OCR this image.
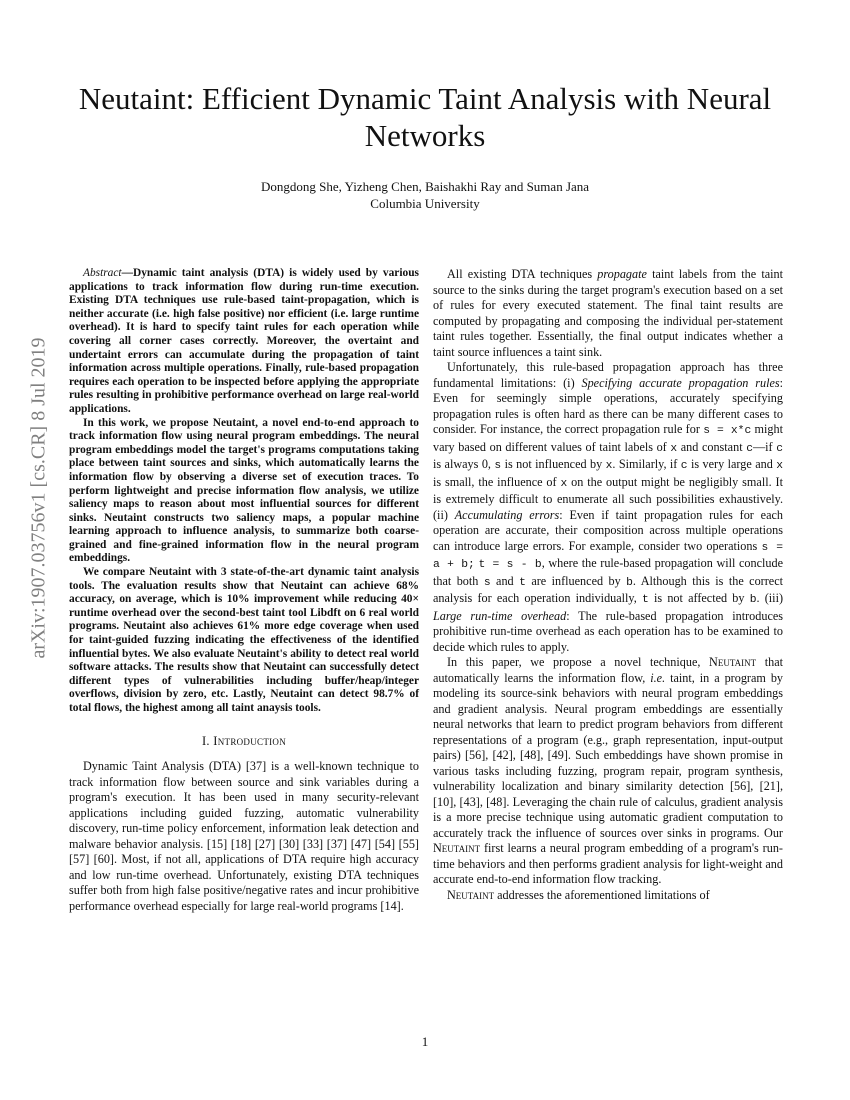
Neutaint: Efficient Dynamic Taint Analysis with Neural Networks
Dongdong She, Yizheng Chen, Baishakhi Ray and Suman Jana
Columbia University
arXiv:1907.03756v1 [cs.CR] 8 Jul 2019

Abstract—Dynamic taint analysis (DTA) is widely used by various applications to track information flow during run-time execution. Existing DTA techniques use rule-based taint-propagation, which is neither accurate (i.e. high false positive) nor efficient (i.e. large runtime overhead). It is hard to specify taint rules for each operation while covering all corner cases correctly. Moreover, the overtaint and undertaint errors can accumulate during the propagation of taint information across multiple operations. Finally, rule-based propagation requires each operation to be inspected before applying the appropriate rules resulting in prohibitive performance overhead on large real-world applications.

In this work, we propose Neutaint, a novel end-to-end approach to track information flow using neural program embeddings. The neural program embeddings model the target's programs computations taking place between taint sources and sinks, which automatically learns the information flow by observing a diverse set of execution traces. To perform lightweight and precise information flow analysis, we utilize saliency maps to reason about most influential sources for different sinks. Neutaint constructs two saliency maps, a popular machine learning approach to influence analysis, to summarize both coarse-grained and fine-grained information flow in the neural program embeddings.

We compare Neutaint with 3 state-of-the-art dynamic taint analysis tools. The evaluation results show that Neutaint can achieve 68% accuracy, on average, which is 10% improvement while reducing 40× runtime overhead over the second-best taint tool Libdft on 6 real world programs. Neutaint also achieves 61% more edge coverage when used for taint-guided fuzzing indicating the effectiveness of the identified influential bytes. We also evaluate Neutaint's ability to detect real world software attacks. The results show that Neutaint can successfully detect different types of vulnerabilities including buffer/heap/integer overflows, division by zero, etc. Lastly, Neutaint can detect 98.7% of total flows, the highest among all taint anaysis tools.

I. Introduction

Dynamic Taint Analysis (DTA) [37] is a well-known technique to track information flow between source and sink variables during a program's execution. It has been used in many security-relevant applications including guided fuzzing, automatic vulnerability discovery, run-time policy enforcement, information leak detection and malware behavior analysis. [15] [18] [27] [30] [33] [37] [47] [54] [55] [57] [60]. Most, if not all, applications of DTA require high accuracy and low run-time overhead. Unfortunately, existing DTA techniques suffer both from high false positive/negative rates and incur prohibitive performance overhead especially for large real-world programs [14].

All existing DTA techniques propagate taint labels from the taint source to the sinks during the target program's execution based on a set of rules for every executed statement. The final taint results are computed by propagating and composing the individual per-statement taint rules together. Essentially, the final output indicates whether a taint source influences a taint sink.

Unfortunately, this rule-based propagation approach has three fundamental limitations: (i) Specifying accurate propagation rules: Even for seemingly simple operations, accurately specifying propagation rules is often hard as there can be many different cases to consider. For instance, the correct propagation rule for s = x*c might vary based on different values of taint labels of x and constant c—if c is always 0, s is not influenced by x. Similarly, if c is very large and x is small, the influence of x on the output might be negligibly small. It is extremely difficult to enumerate all such possibilities exhaustively. (ii) Accumulating errors: Even if taint propagation rules for each operation are accurate, their composition across multiple operations can introduce large errors. For example, consider two operations s = a + b; t = s - b, where the rule-based propagation will conclude that both s and t are influenced by b. Although this is the correct analysis for each operation individually, t is not affected by b. (iii) Large run-time overhead: The rule-based propagation introduces prohibitive run-time overhead as each operation has to be examined to decide which rules to apply.

In this paper, we propose a novel technique, Neutaint that automatically learns the information flow, i.e. taint, in a program by modeling its source-sink behaviors with neural program embeddings and gradient analysis. Neural program embeddings are essentially neural networks that learn to predict program behaviors from different representations of a program (e.g., graph representation, input-output pairs) [56], [42], [48], [49]. Such embeddings have shown promise in various tasks including fuzzing, program repair, program synthesis, vulnerability localization and binary similarity detection [56], [21], [10], [43], [48]. Leveraging the chain rule of calculus, gradient analysis is a more precise technique using automatic gradient computation to accurately track the influence of sources over sinks in programs. Our Neutaint first learns a neural program embedding of a program's run-time behaviors and then performs gradient analysis for light-weight and accurate end-to-end information flow tracking.

Neutaint addresses the aforementioned limitations of

1
